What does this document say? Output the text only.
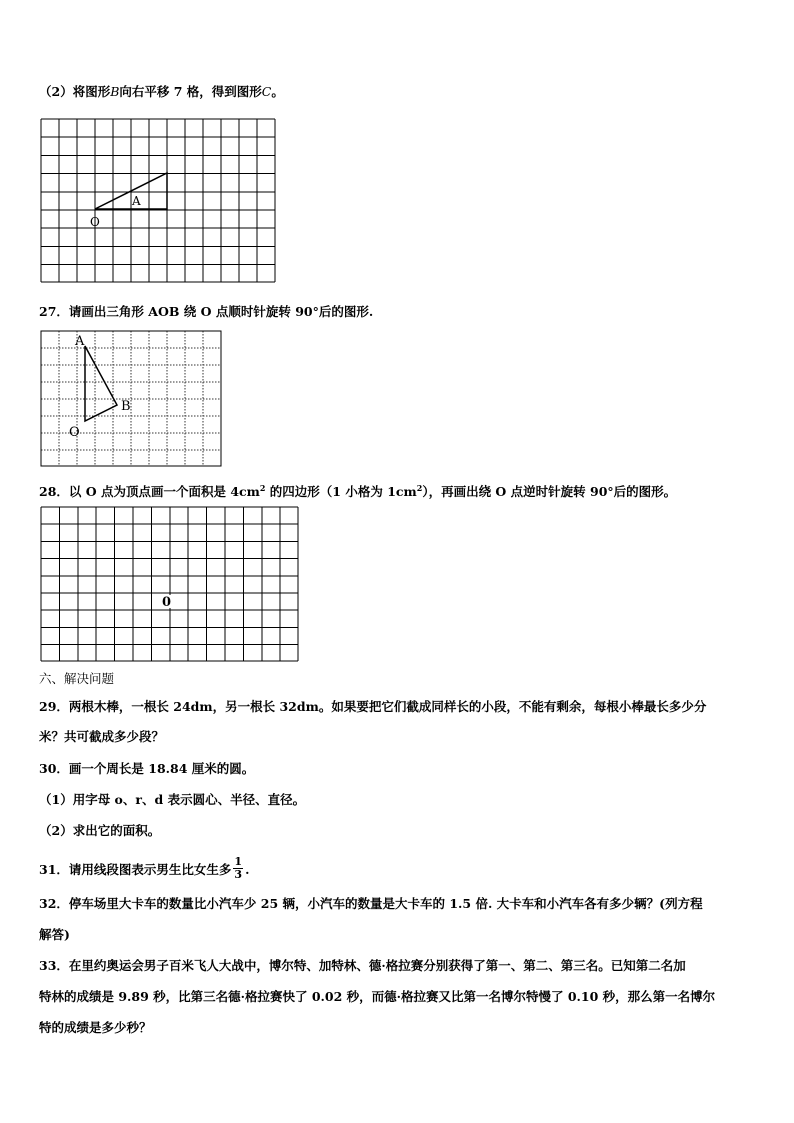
（2）将图形B向右平移 7 格，得到图形C。
A
O
27．请画出三角形 AOB 绕 O 点顺时针旋转 90°后的图形.
A
B
O
28．以 O 点为顶点画一个面积是 $4cm^2$ 的四边形（1 小格为 $1cm^2$），再画出绕 O 点逆时针旋转 90°后的图形。
0
六、解决问题
29．两根木棒，一根长 24dm，另一根长 32dm。如果要把它们截成同样长的小段，不能有剩余，每根小棒最长多少分
米？共可截成多少段？
30．画一个周长是 18.84 厘米的圆。
（1）用字母 o、r、d 表示圆心、半径、直径。
（2）求出它的面积。
31．请用线段图表示男生比女生多 $\frac{1}{3}$ .
32．停车场里大卡车的数量比小汽车少 25 辆，小汽车的数量是大卡车的 1.5 倍. 大卡车和小汽车各有多少辆？(列方程
解答)
33．在里约奥运会男子百米飞人大战中，博尔特、加特林、德·格拉赛分别获得了第一、第二、第三名。已知第二名加
特林的成绩是 9.89 秒，比第三名德·格拉赛快了 0.02 秒，而德·格拉赛又比第一名博尔特慢了 0.10 秒，那么第一名博尔
特的成绩是多少秒？
